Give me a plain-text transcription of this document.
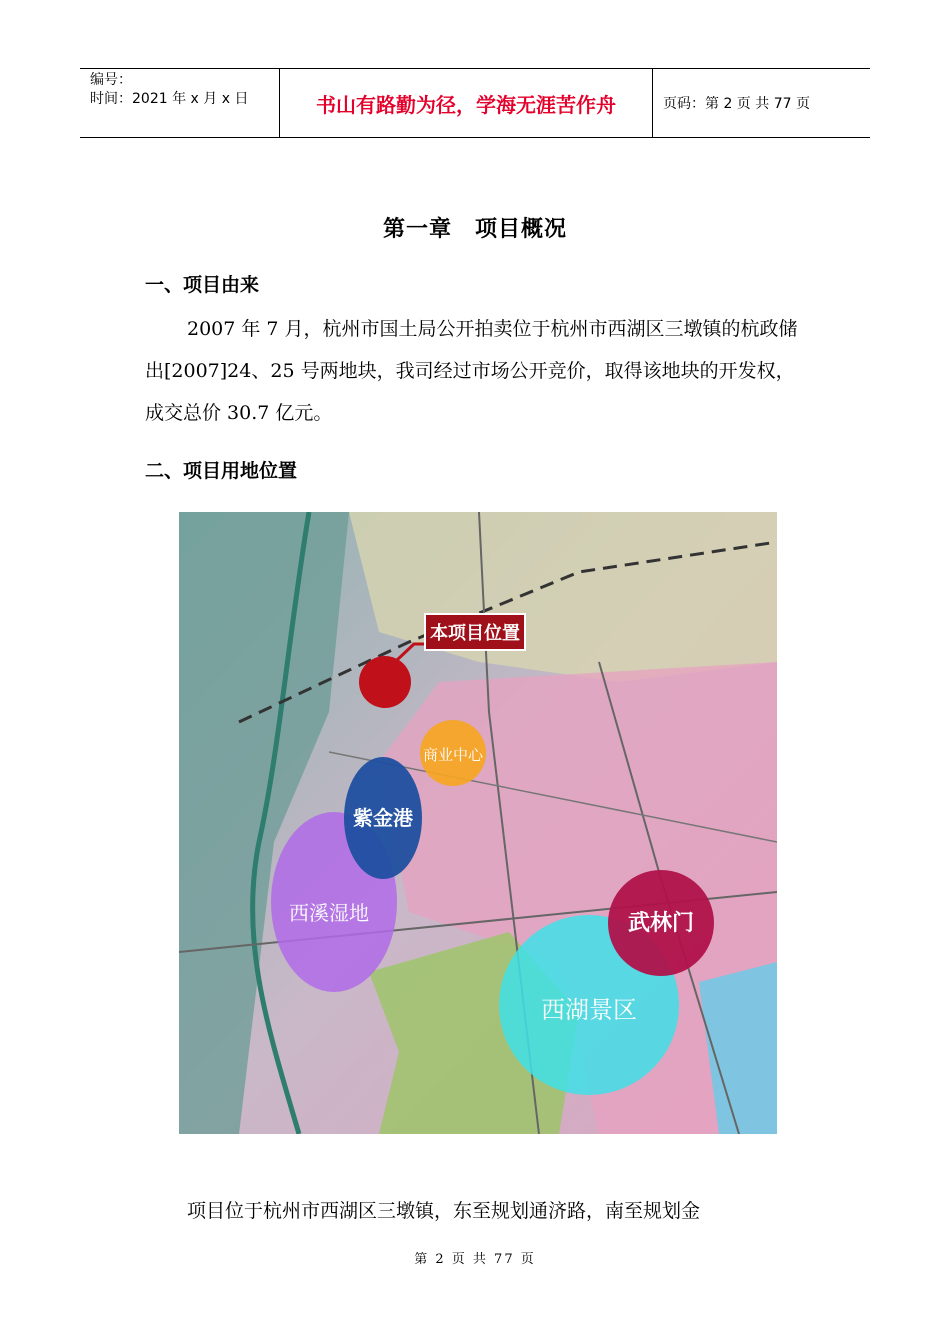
编号：
时间：2021 年 x 月 x 日	书山有路勤为径，学海无涯苦作舟	页码：第 2 页 共 77 页
第一章　项目概况
一、项目由来
2007 年 7 月，杭州市国土局公开拍卖位于杭州市西湖区三墩镇的杭政储出[2007]24、25 号两地块，我司经过市场公开竞价，取得该地块的开发权，成交总价 30.7 亿元。
二、项目用地位置
本项目位置
商业中心
紫金港
西溪湿地	武林门
西湖景区
项目位于杭州市西湖区三墩镇，东至规划通济路，南至规划金
第 2 页 共 77 页
